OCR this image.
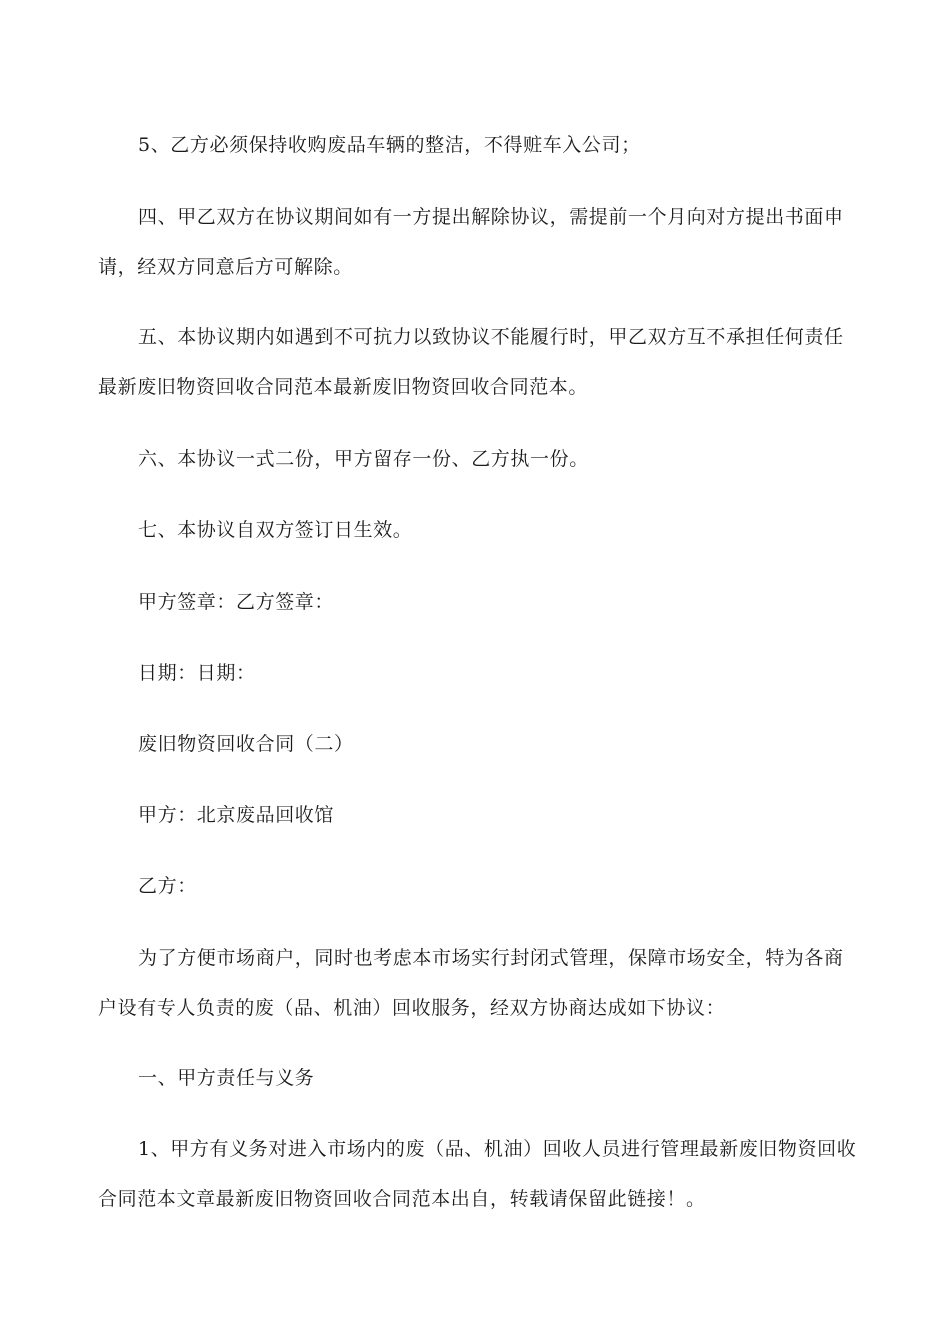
5、乙方必须保持收购废品车辆的整洁，不得赃车入公司；

四、甲乙双方在协议期间如有一方提出解除协议，需提前一个月向对方提出书面申请，经双方同意后方可解除。

五、本协议期内如遇到不可抗力以致协议不能履行时，甲乙双方互不承担任何责任最新废旧物资回收合同范本最新废旧物资回收合同范本。

六、本协议一式二份，甲方留存一份、乙方执一份。

七、本协议自双方签订日生效。

甲方签章：乙方签章：

日期：日期：

废旧物资回收合同（二）

甲方：北京废品回收馆

乙方：

为了方便市场商户，同时也考虑本市场实行封闭式管理，保障市场安全，特为各商户设有专人负责的废（品、机油）回收服务，经双方协商达成如下协议：

一、甲方责任与义务

1、甲方有义务对进入市场内的废（品、机油）回收人员进行管理最新废旧物资回收合同范本文章最新废旧物资回收合同范本出自，转载请保留此链接！。
